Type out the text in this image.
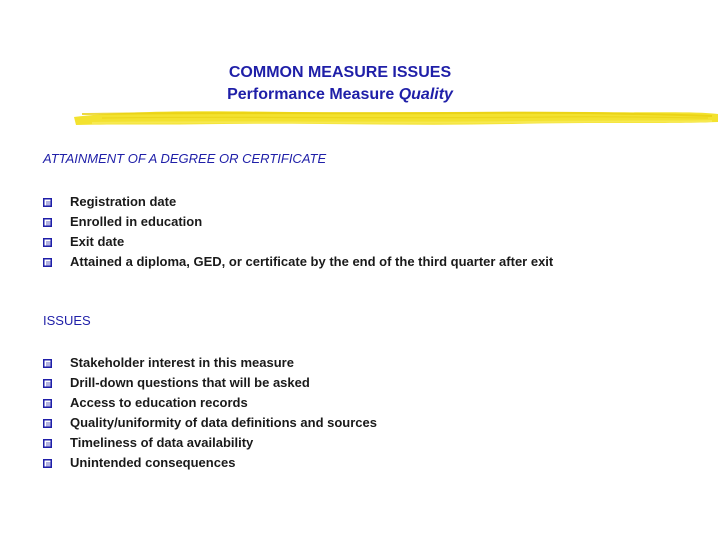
COMMON MEASURE ISSUES
Performance Measure Quality
ATTAINMENT OF A DEGREE OR CERTIFICATE
Registration date
Enrolled in education
Exit date
Attained a diploma, GED, or certificate by the end of the third quarter after exit
ISSUES
Stakeholder interest in this measure
Drill-down questions that will be asked
Access to education records
Quality/uniformity of data definitions and sources
Timeliness of data availability
Unintended consequences
